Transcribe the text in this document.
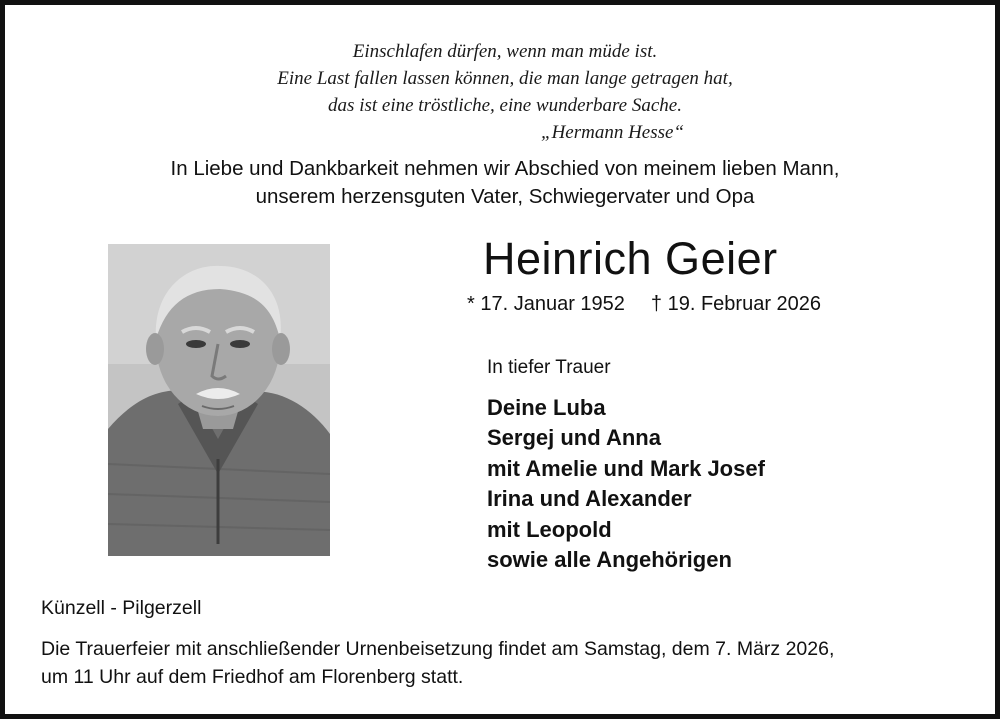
Einschlafen dürfen, wenn man müde ist.
Eine Last fallen lassen können, die man lange getragen hat,
das ist eine tröstliche, eine wunderbare Sache.
„Hermann Hesse“
In Liebe und Dankbarkeit nehmen wir Abschied von meinem lieben Mann,
unserem herzensguten Vater, Schwiegervater und Opa
Heinrich Geier
* 17. Januar 1952 † 19. Februar 2026
In tiefer Trauer
Deine Luba
Sergej und Anna
mit Amelie und Mark Josef
Irina und Alexander
mit Leopold
sowie alle Angehörigen
Künzell - Pilgerzell
Die Trauerfeier mit anschließender Urnenbeisetzung findet am Samstag, dem 7. März 2026,
um 11 Uhr auf dem Friedhof am Florenberg statt.
